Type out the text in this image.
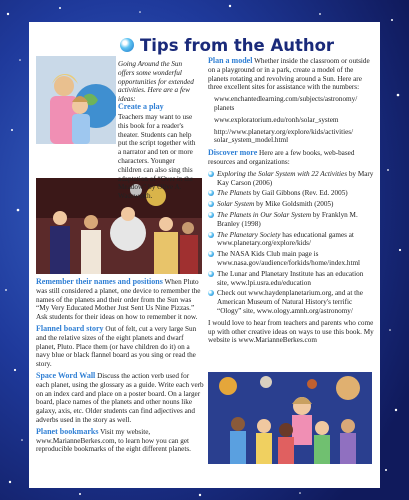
Tips from the Author

Going Around the Sun offers some wonderful opportunities for extended activities. Here are a few ideas:

Create a play

Teachers may want to use this book for a reader's theater. Students can help put the script together with a narrator and ten or more characters. Younger children can also sing this adaptation of “Over in the Meadow” by Olive A. Wadsworth.

Remember their names and positions When Pluto was still considered a planet, one device to remember the names of the planets and their order from the Sun was “My Very Educated Mother Just Sent Us Nine Pizzas.” Ask students for their ideas on how to remember it now.

Flannel board story Out of felt, cut a very large Sun and the relative sizes of the eight planets and dwarf planet, Pluto. Place them (or have children do it) on a navy blue or black flannel board as you sing or read the story.

Space Word Wall Discuss the action verb used for each planet, using the glossary as a guide. Write each verb on an index card and place on a poster board. On a larger board, place names of the planets and other nouns like galaxy, axis, etc. Older students can find adjectives and adverbs used in the story as well.

Planet bookmarks Visit my website, www.MarianneBerkes.com, to learn how you can get reproducible bookmarks of the eight different planets.

Plan a model Whether inside the classroom or outside on a playground or in a park, create a model of the planets rotating and revolving around a Sun. Here are three excellent sites for assistance with the numbers:

www.enchantedlearning.com/subjects/astronomy/ planets

www.exploratorium.edu/ronh/solar_system

http://www.planetary.org/explore/kids/activities/ solar_system_model.html

Discover more Here are a few books, web-based resources and organizations:

Exploring the Solar System with 22 Activities by Mary Kay Carson (2006)
The Planets by Gail Gibbons (Rev. Ed. 2005)
Solar System by Mike Goldsmith (2005)
The Planets in Our Solar System by Franklyn M. Branley (1998)
The Planetary Society has educational games at www.planetary.org/explore/kids/
The NASA Kids Club main page is www.nasa.gov/audience/forkids/home/index.html
The Lunar and Planetary Institute has an education site, www.lpi.usra.edu/education
Check out www.haydenplanetarium.org, and at the American Museum of Natural History's terrific “Ology” site, www.ology.amnh.org/astronomy/

I would love to hear from teachers and parents who come up with other creative ideas on ways to use this book. My website is www.MarianneBerkes.com
